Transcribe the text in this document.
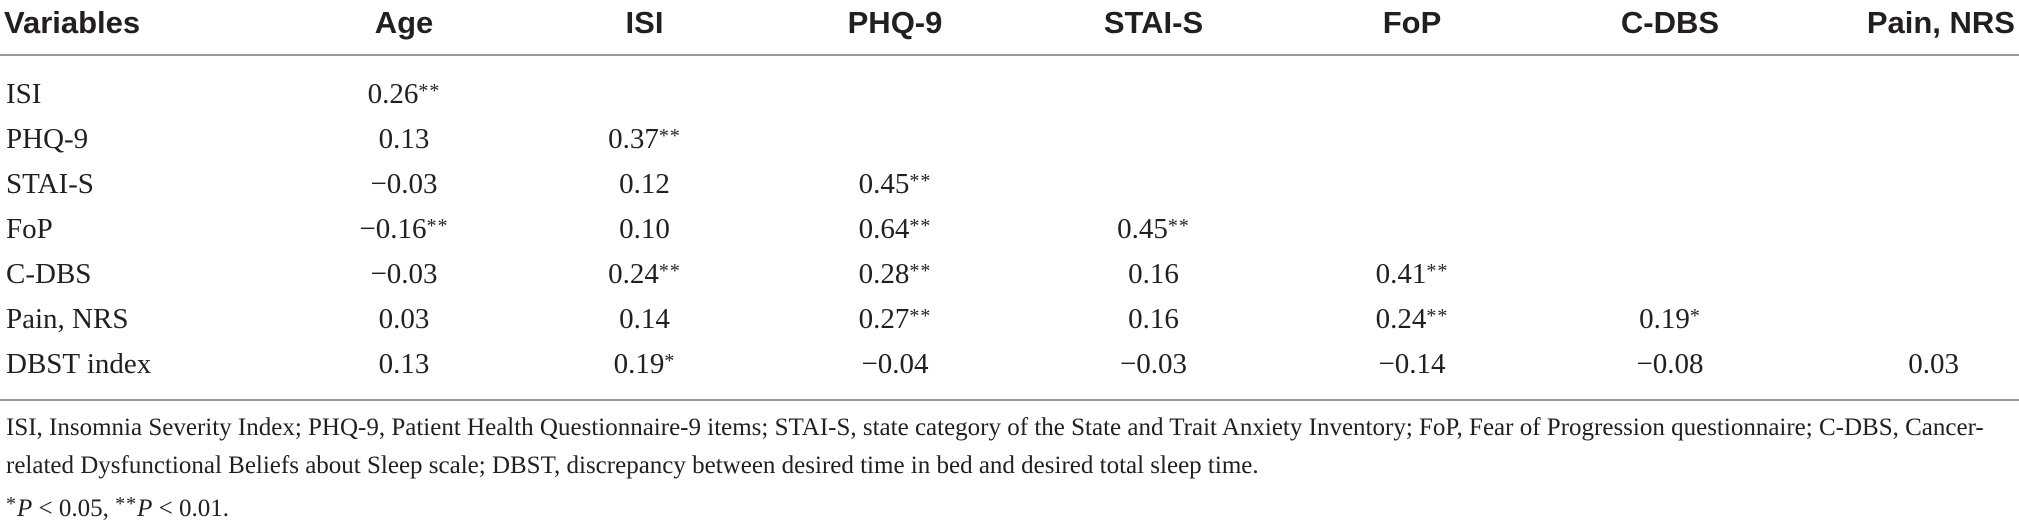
Variables	Age	ISI	PHQ-9	STAI-S	FoP	C-DBS	Pain, NRS
ISI	0.26**						
PHQ-9	0.13	0.37**					
STAI-S	−0.03	0.12	0.45**				
FoP	−0.16**	0.10	0.64**	0.45**			
C-DBS	−0.03	0.24**	0.28**	0.16	0.41**		
Pain, NRS	0.03	0.14	0.27**	0.16	0.24**	0.19*	
DBST index	0.13	0.19*	−0.04	−0.03	−0.14	−0.08	0.03

ISI, Insomnia Severity Index; PHQ-9, Patient Health Questionnaire-9 items; STAI-S, state category of the State and Trait Anxiety Inventory; FoP, Fear of Progression questionnaire; C-DBS, Cancer-related Dysfunctional Beliefs about Sleep scale; DBST, discrepancy between desired time in bed and desired total sleep time.

*P < 0.05, **P < 0.01.
